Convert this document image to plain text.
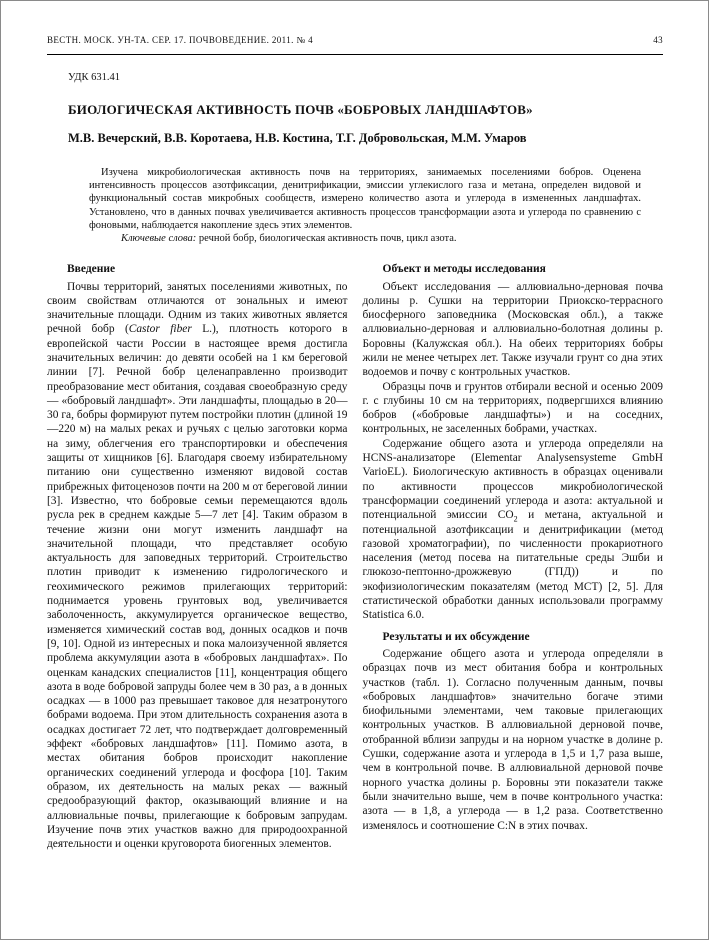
ВЕСТН. МОСК. УН-ТА. СЕР. 17. ПОЧВОВЕДЕНИЕ. 2011. № 4	43
УДК 631.41
БИОЛОГИЧЕСКАЯ АКТИВНОСТЬ ПОЧВ «БОБРОВЫХ ЛАНДШАФТОВ»
М.В. Вечерский, В.В. Коротаева, Н.В. Костина, Т.Г. Добровольская, М.М. Умаров

Изучена микробиологическая активность почв на территориях, занимаемых поселениями бобров. Оценена интенсивность процессов азотфиксации, денитрификации, эмиссии углекислого газа и метана, определен видовой и функциональный состав микробных сообществ, измерено количество азота и углерода в измененных ландшафтах. Установлено, что в данных почвах увеличивается активность процессов трансформации азота и углерода по сравнению с фоновыми, наблюдается накопление здесь этих элементов.

Ключевые слова: речной бобр, биологическая активность почв, цикл азота.

Введение

Почвы территорий, занятых поселениями животных, по своим свойствам отличаются от зональных и имеют значительные площади. Одним из таких животных является речной бобр (Castor fiber L.), плотность которого в европейской части России в настоящее время достигла значительных величин: до девяти особей на 1 км береговой линии [7]. Речной бобр целенаправленно производит преобразование мест обитания, создавая своеобразную среду — «бобровый ландшафт». Эти ландшафты, площадью в 20—30 га, бобры формируют путем постройки плотин (длиной 19—220 м) на малых реках и ручьях с целью заготовки корма на зиму, облегчения его транспортировки и обеспечения защиты от хищников [6]. Благодаря своему избирательному питанию они существенно изменяют видовой состав прибрежных фитоценозов почти на 200 м от береговой линии [3]. Известно, что бобровые семьи перемещаются вдоль русла рек в среднем каждые 5—7 лет [4]. Таким образом в течение жизни они могут изменить ландшафт на значительной площади, что представляет особую актуальность для заповедных территорий. Строительство плотин приводит к изменению гидрологического и геохимического режимов прилегающих территорий: поднимается уровень грунтовых вод, увеличивается заболоченность, аккумулируется органическое вещество, изменяется химический состав вод, донных осадков и почв [9, 10]. Одной из интересных и пока малоизученной является проблема аккумуляции азота в «бобровых ландшафтах». По оценкам канадских специалистов [11], концентрация общего азота в воде бобровой запруды более чем в 30 раз, а в донных осадках — в 1000 раз превышает таковое для незатронутого бобрами водоема. При этом длительность сохранения азота в осадках достигает 72 лет, что подтверждает долговременный эффект «бобровых ландшафтов» [11]. Помимо азота, в местах обитания бобров происходит накопление органических соединений углерода и фосфора [10]. Таким образом, их деятельность на малых реках — важный средообразующий фактор, оказывающий влияние и на аллювиальные почвы, прилегающие к бобровым запрудам. Изучение почв этих участков важно для природоохранной деятельности и оценки круговорота биогенных элементов.

Объект и методы исследования

Объект исследования — аллювиально-дерновая почва долины р. Сушки на территории Приокско-террасного биосферного заповедника (Московская обл.), а также аллювиально-дерновая и аллювиально-болотная долины р. Боровны (Калужская обл.). На обеих территориях бобры жили не менее четырех лет. Также изучали грунт со дна этих водоемов и почву с контрольных участков.

Образцы почв и грунтов отбирали весной и осенью 2009 г. с глубины 10 см на территориях, подвергшихся влиянию бобров («бобровые ландшафты») и на соседних, контрольных, не заселенных бобрами, участках.

Содержание общего азота и углерода определяли на HCNS-анализаторе (Elementar Analysensysteme GmbH VarioEL). Биологическую активность в образцах оценивали по активности процессов микробиологической трансформации соединений углерода и азота: актуальной и потенциальной эмиссии $CO_2$ и метана, актуальной и потенциальной азотфиксации и денитрификации (метод газовой хроматографии), по численности прокариотного населения (метод посева на питательные среды Эшби и глюкозо-пептонно-дрожжевую (ГПД)) и по экофизиологическим показателям (метод МСТ) [2, 5]. Для статистической обработки данных использовали программу Statistica 6.0.

Результаты и их обсуждение

Содержание общего азота и углерода определяли в образцах почв из мест обитания бобра и контрольных участков (табл. 1). Согласно полученным данным, почвы «бобровых ландшафтов» значительно богаче этими биофильными элементами, чем таковые прилегающих контрольных участков. В аллювиальной дерновой почве, отобранной вблизи запруды и на норном участке в долине р. Сушки, содержание азота и углерода в 1,5 и 1,7 раза выше, чем в контрольной почве. В аллювиальной дерновой почве норного участка долины р. Боровны эти показатели также были значительно выше, чем в почве контрольного участка: азота — в 1,8, а углерода — в 1,2 раза. Соответственно изменялось и соотношение C:N в этих почвах.
